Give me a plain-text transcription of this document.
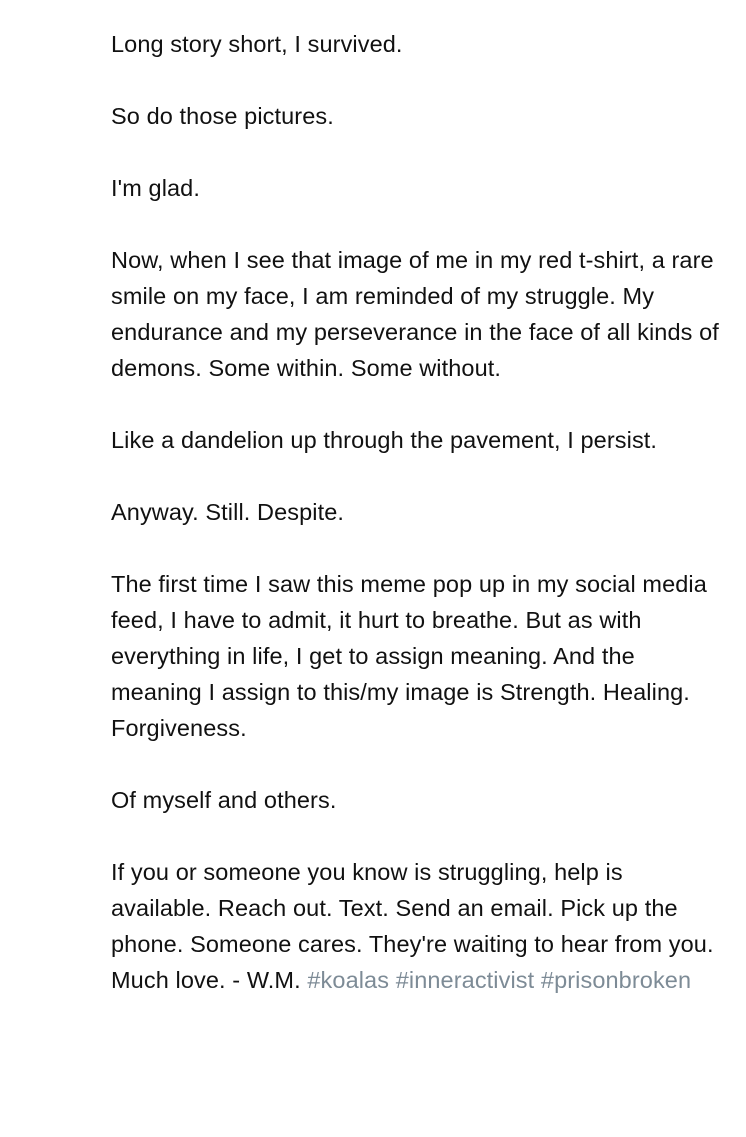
Long story short, I survived.

So do those pictures.

I'm glad.

Now, when I see that image of me in my red t-shirt, a rare smile on my face, I am reminded of my struggle. My endurance and my perseverance in the face of all kinds of demons. Some within. Some without.

Like a dandelion up through the pavement, I persist.

Anyway. Still. Despite.

The first time I saw this meme pop up in my social media feed, I have to admit, it hurt to breathe. But as with everything in life, I get to assign meaning. And the meaning I assign to this/my image is Strength. Healing. Forgiveness.

Of myself and others.

If you or someone you know is struggling, help is available. Reach out. Text. Send an email. Pick up the phone. Someone cares. They're waiting to hear from you. Much love. - W.M. #koalas #inneractivist #prisonbroken
